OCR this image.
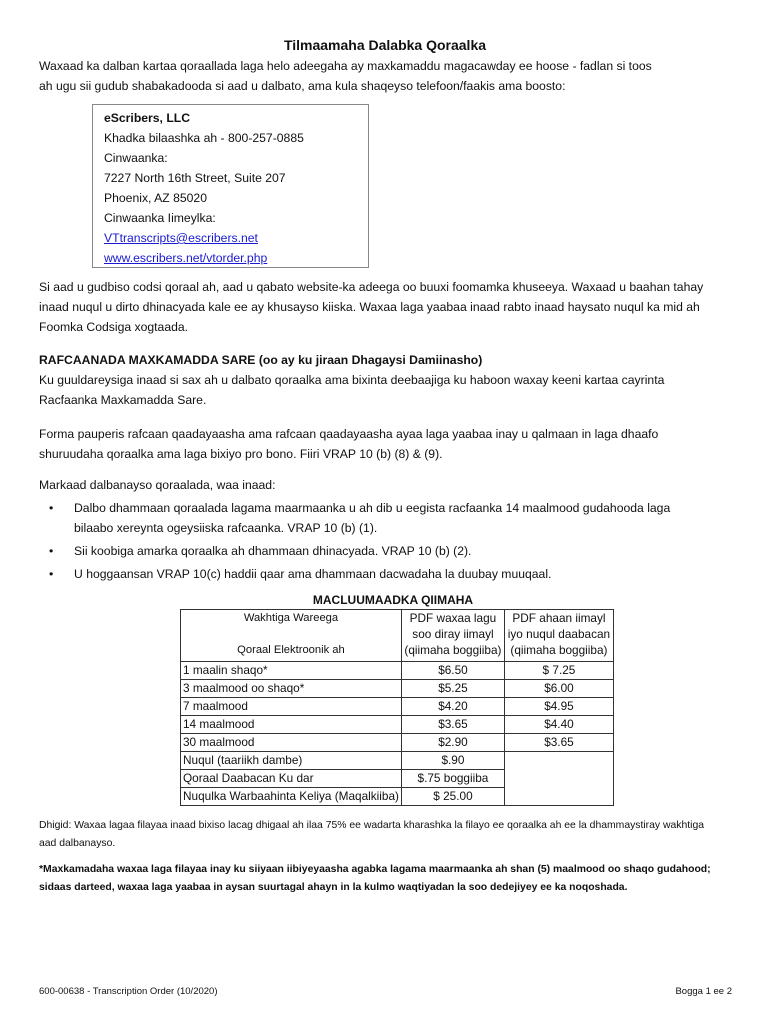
Tilmaamaha Dalabka Qoraalka

Waxaad ka dalban kartaa qoraallada laga helo adeegaha ay maxkamaddu magacawday ee hoose - fadlan si toos
ah ugu sii gudub shabakadooda si aad u dalbato, ama kula shaqeyso telefoon/faakis ama boosto:

eScribers, LLC
Khadka bilaashka ah - 800-257-0885
Cinwaanka:
7227 North 16th Street, Suite 207
Phoenix, AZ 85020
Cinwaanka Iimeylka:
VTtranscripts@escribers.net
www.escribers.net/vtorder.php

Si aad u gudbiso codsi qoraal ah, aad u qabato website-ka adeega oo buuxi foomamka khuseeya. Waxaad u baahan tahay
inaad nuqul u dirto dhinacyada kale ee ay khusayso kiiska. Waxaa laga yaabaa inaad rabto inaad haysato nuqul ka mid ah
Foomka Codsiga xogtaada.

RAFCAANADA MAXKAMADDA SARE (oo ay ku jiraan Dhagaysi Damiinasho)
Ku guuldareysiga inaad si sax ah u dalbato qoraalka ama bixinta deebaajiga ku haboon waxay keeni kartaa cayrinta
Racfaanka Maxkamadda Sare.

Forma pauperis rafcaan qaadayaasha ama rafcaan qaadayaasha ayaa laga yaabaa inay u qalmaan in laga dhaafo
shuruudaha qoraalka ama laga bixiyo pro bono. Fiiri VRAP 10 (b) (8) & (9).

Markaad dalbanayso qoraalada, waa inaad:

• Dalbo dhammaan qoraalada lagama maarmaanka u ah dib u eegista racfaanka 14 maalmood gudahooda laga
bilaabo xereynta ogeysiiska rafcaanka. VRAP 10 (b) (1).
• Sii koobiga amarka qoraalka ah dhammaan dhinacyada. VRAP 10 (b) (2).
• U hoggaansan VRAP 10(c) haddii qaar ama dhammaan dacwadaha la duubay muuqaal.
MACLUUMAADKA QIIMAHA
Wakhtiga Wareega

Qoraal Elektroonik ah	PDF waxaa lagu
soo diray iimayl
(qiimaha boggiiba)	PDF ahaan iimayl
iyo nuqul daabacan
(qiimaha boggiiba)
1 maalin shaqo*	$6.50	$ 7.25
3 maalmood oo shaqo*	$5.25	$6.00
7 maalmood	$4.20	$4.95
14 maalmood	$3.65	$4.40
30 maalmood	$2.90	$3.65
Nuqul (taariikh dambe)	$.90	
Qoraal Daabacan Ku dar	$.75 boggiiba	
Nuqulka Warbaahinta Keliya (Maqalkiiba)	$ 25.00	

Dhigid: Waxaa lagaa filayaa inaad bixiso lacag dhigaal ah ilaa 75% ee wadarta kharashka la filayo ee qoraalka ah ee la dhammaystiray wakhtiga
aad dalbanayso.

*Maxkamadaha waxaa laga filayaa inay ku siiyaan iibiyeyaasha agabka lagama maarmaanka ah shan (5) maalmood oo shaqo gudahood;
sidaas darteed, waxaa laga yaabaa in aysan suurtagal ahayn in la kulmo waqtiyadan la soo dedejiyey ee ka noqoshada.

600-00638 - Transcription Order (10/2020)	Bogga 1 ee 2
